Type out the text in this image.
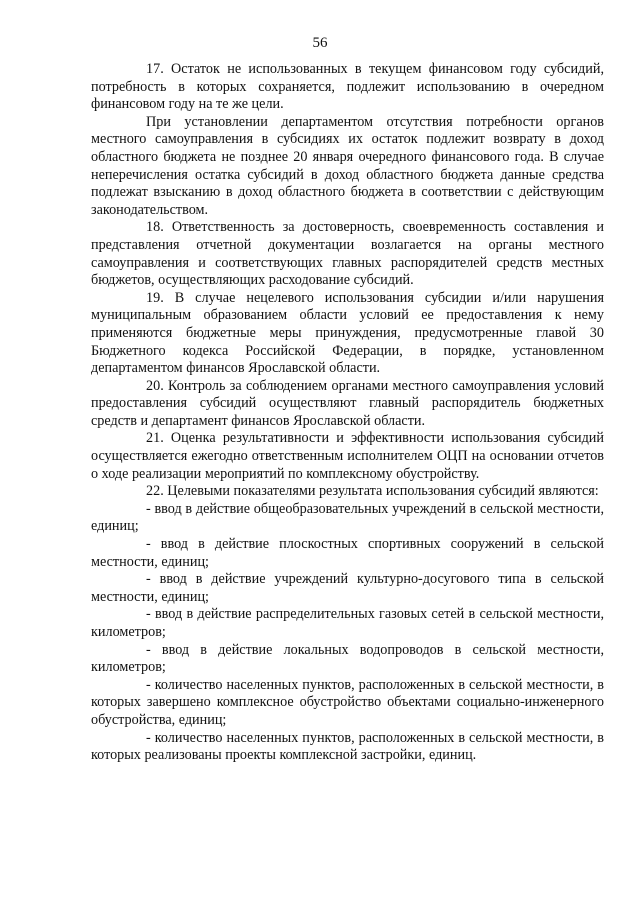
56

17. Остаток не использованных в текущем финансовом году субсидий, потребность в которых сохраняется, подлежит использованию в очередном финансовом году на те же цели.

При установлении департаментом отсутствия потребности органов местного самоуправления в субсидиях их остаток подлежит возврату в доход областного бюджета не позднее 20 января очередного финансового года. В случае неперечисления остатка субсидий в доход областного бюджета данные средства подлежат взысканию в доход областного бюджета в соответствии с действующим законодательством.

18. Ответственность за достоверность, своевременность составления и представления отчетной документации возлагается на органы местного самоуправления и соответствующих главных распорядителей средств местных бюджетов, осуществляющих расходование субсидий.

19. В случае нецелевого использования субсидии и/или нарушения муниципальным образованием области условий ее предоставления к нему применяются бюджетные меры принуждения, предусмотренные главой 30 Бюджетного кодекса Российской Федерации, в порядке, установленном департаментом финансов Ярославской области.

20. Контроль за соблюдением органами местного самоуправления условий предоставления субсидий осуществляют главный распорядитель бюджетных средств и департамент финансов Ярославской области.

21. Оценка результативности и эффективности использования субсидий осуществляется ежегодно ответственным исполнителем ОЦП на основании отчетов о ходе реализации мероприятий по комплексному обустройству.

22. Целевыми показателями результата использования субсидий являются:

- ввод в действие общеобразовательных учреждений в сельской местности, единиц;

- ввод в действие плоскостных спортивных сооружений в сельской местности, единиц;

- ввод в действие учреждений культурно-досугового типа в сельской местности, единиц;

- ввод в действие распределительных газовых сетей в сельской местности, километров;

- ввод в действие локальных водопроводов в сельской местности, километров;

- количество населенных пунктов, расположенных в сельской местности, в которых завершено комплексное обустройство объектами социально-инженерного обустройства, единиц;

- количество населенных пунктов, расположенных в сельской местности, в которых реализованы проекты комплексной застройки, единиц.
